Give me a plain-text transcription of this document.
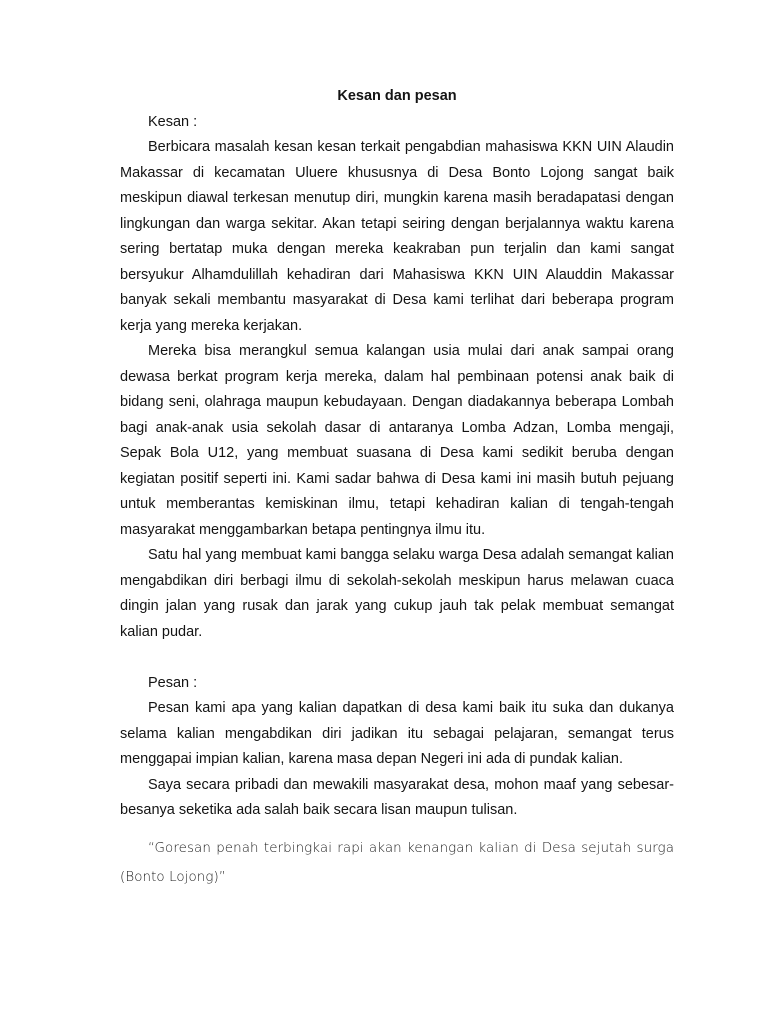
Kesan dan pesan

Kesan :

Berbicara masalah kesan kesan terkait pengabdian mahasiswa KKN UIN Alaudin Makassar di kecamatan Uluere khususnya di Desa Bonto Lojong sangat baik meskipun diawal terkesan menutup diri, mungkin karena masih beradapatasi dengan lingkungan dan warga sekitar. Akan tetapi seiring dengan berjalannya waktu karena sering bertatap muka dengan mereka keakraban pun terjalin dan kami sangat bersyukur Alhamdulillah kehadiran dari Mahasiswa KKN UIN Alauddin Makassar banyak sekali membantu masyarakat di Desa kami terlihat dari beberapa program kerja yang mereka kerjakan.

Mereka bisa merangkul semua kalangan usia mulai dari anak sampai orang dewasa berkat program kerja mereka, dalam hal pembinaan potensi anak baik di bidang seni, olahraga maupun kebudayaan. Dengan diadakannya beberapa Lombah bagi anak-anak usia sekolah dasar di antaranya Lomba Adzan, Lomba mengaji, Sepak Bola U12, yang membuat suasana di Desa kami sedikit beruba dengan kegiatan positif seperti ini. Kami sadar bahwa di Desa kami ini masih butuh pejuang untuk memberantas kemiskinan ilmu, tetapi kehadiran kalian di tengah-tengah masyarakat menggambarkan betapa pentingnya ilmu itu.

Satu hal yang membuat kami bangga selaku warga Desa adalah semangat kalian mengabdikan diri berbagi ilmu di sekolah-sekolah meskipun harus melawan cuaca dingin jalan yang rusak dan jarak yang cukup jauh tak pelak membuat semangat kalian pudar.

Pesan :

Pesan kami apa yang kalian dapatkan di desa kami baik itu suka dan dukanya selama kalian mengabdikan diri jadikan itu sebagai pelajaran, semangat terus menggapai impian kalian, karena masa depan Negeri ini ada di pundak kalian.

Saya secara pribadi dan mewakili masyarakat desa, mohon maaf yang sebesar-besanya seketika ada salah baik secara lisan maupun tulisan.

“Goresan penah terbingkai rapi akan kenangan kalian di Desa sejutah surga (Bonto Lojong)”
